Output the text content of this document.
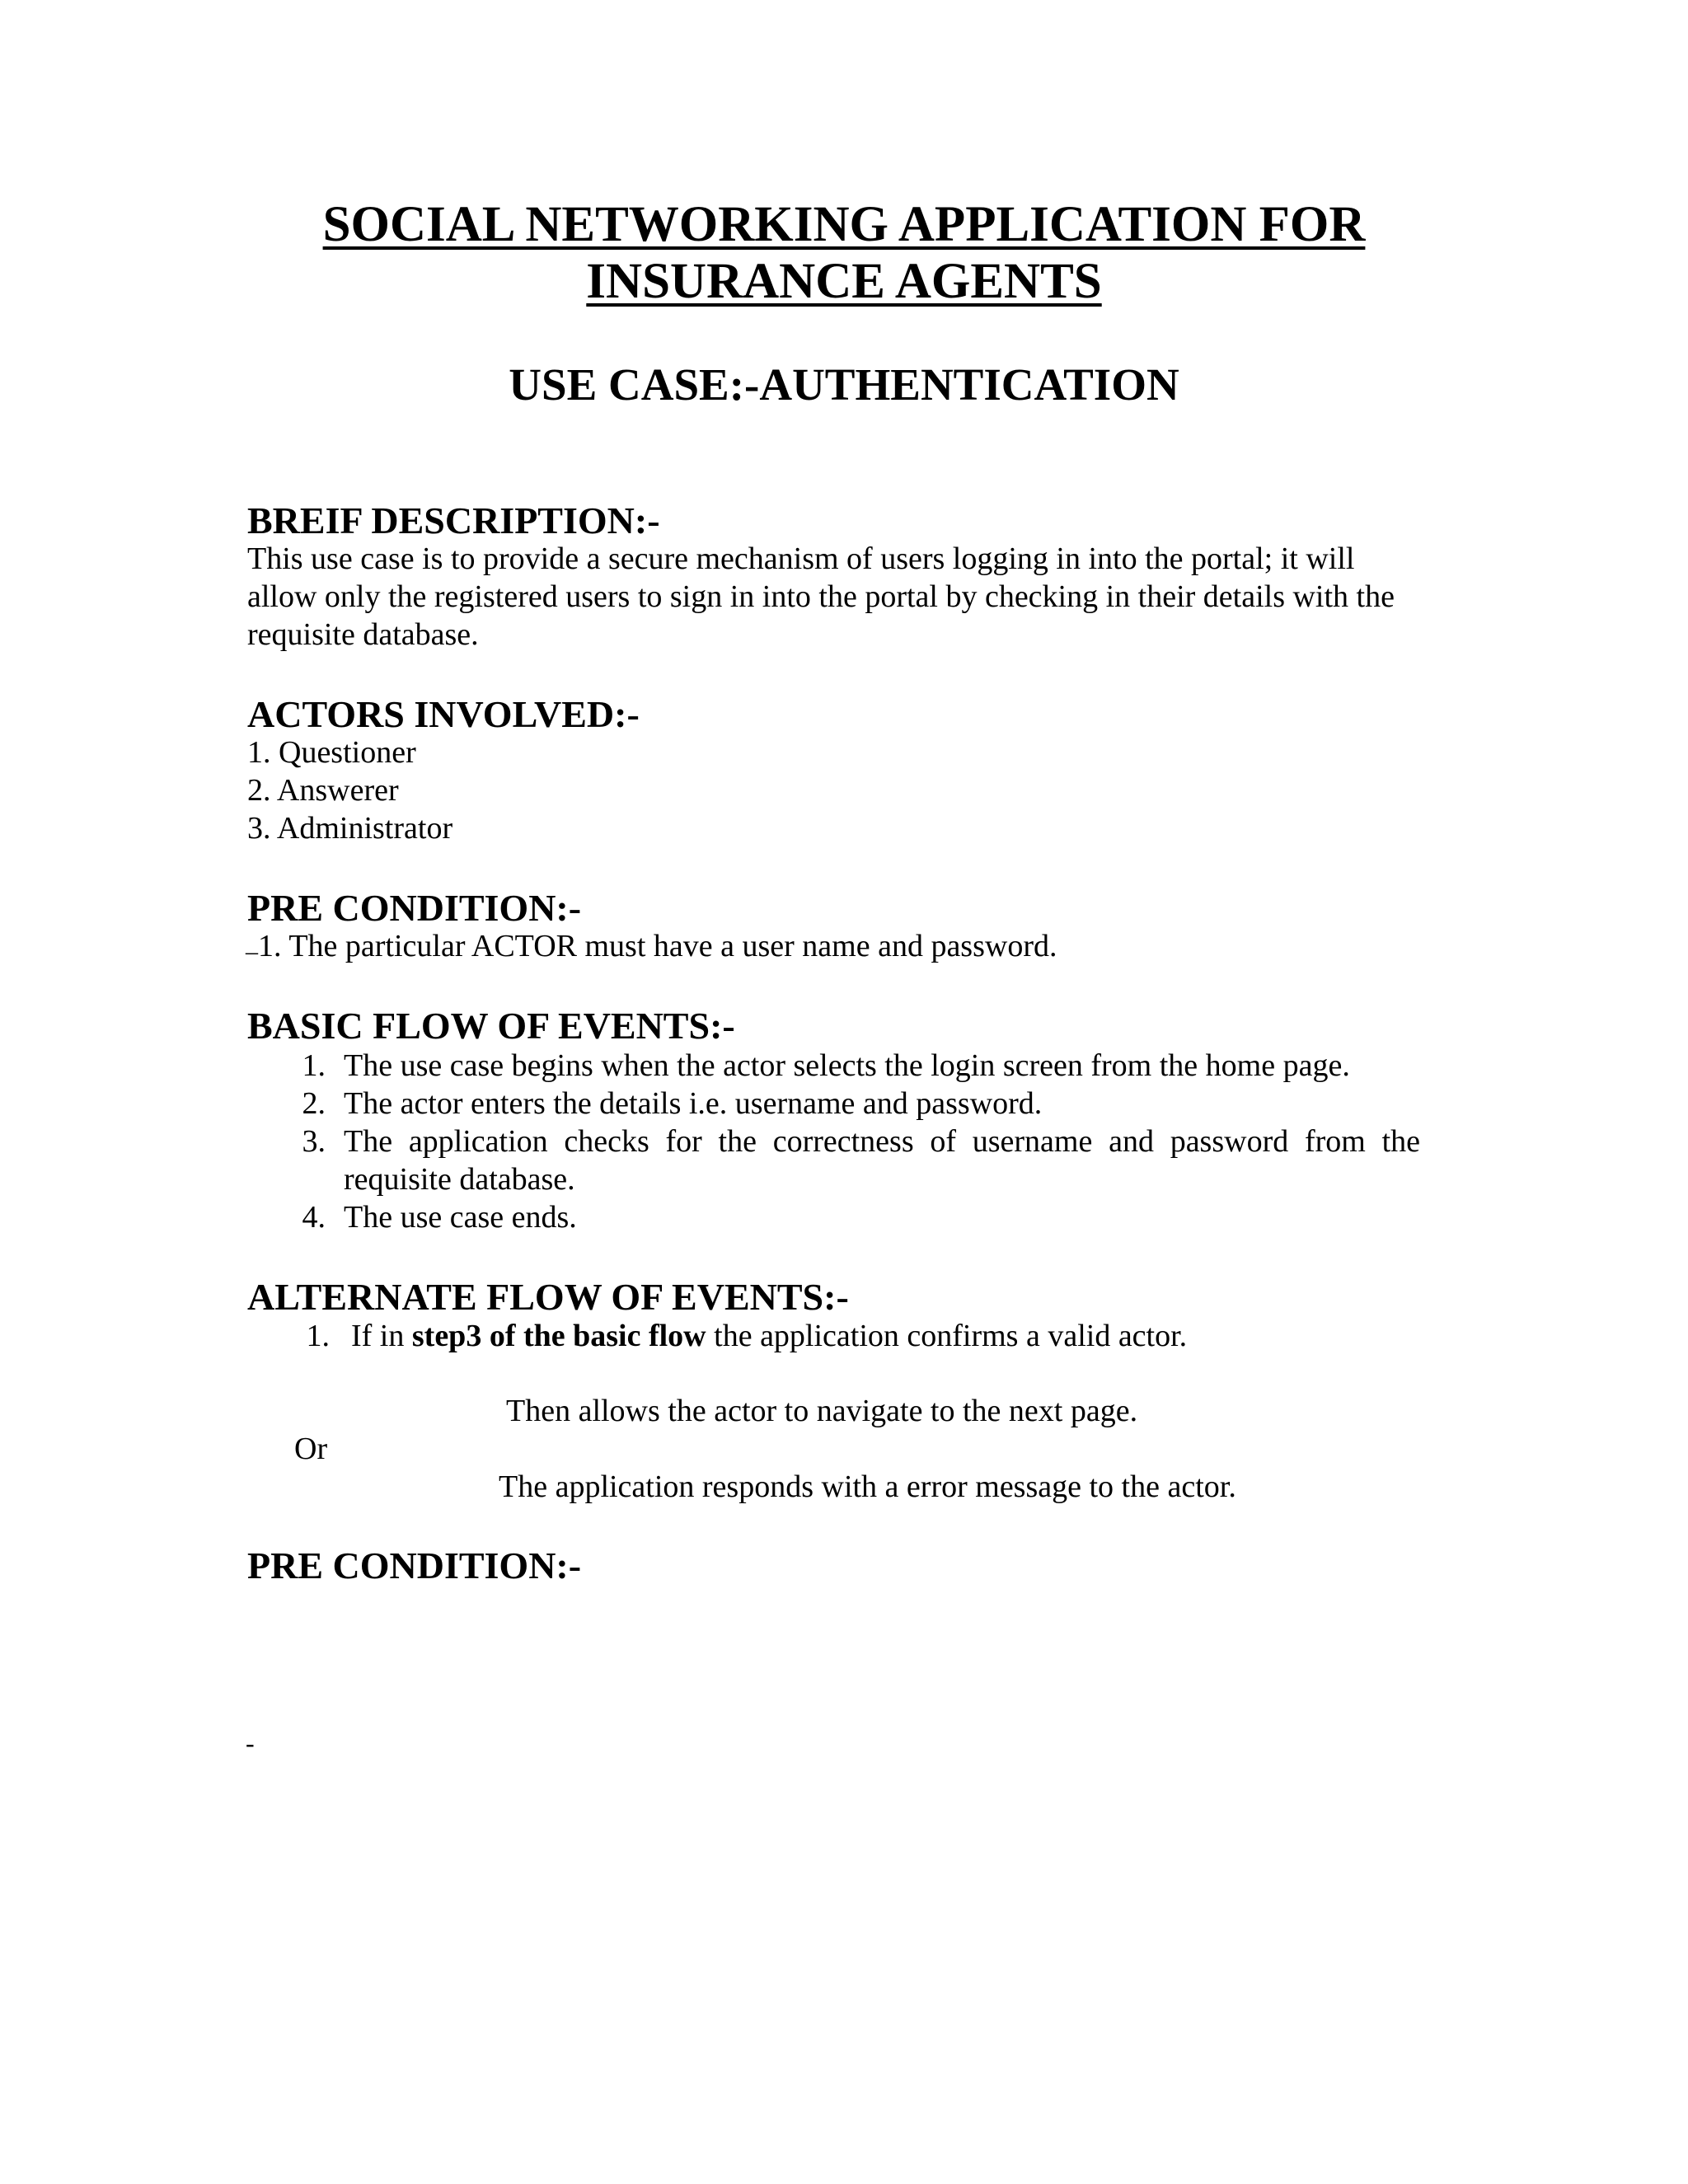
SOCIAL NETWORKING APPLICATION FOR
INSURANCE AGENTS
USE CASE:-AUTHENTICATION
BREIF DESCRIPTION:-
This use case is to provide a secure mechanism of users logging in into the portal; it will
allow only the registered users to sign in into the portal by checking in their details with the
requisite database.
ACTORS INVOLVED:-
1. Questioner
2. Answerer
3. Administrator
PRE CONDITION:-
_ 1. The particular ACTOR must have a user name and password.
BASIC FLOW OF EVENTS:-
1. The use case begins when the actor selects the login screen from the home page.
2. The actor enters the details i.e. username and password.
3. The application checks for the correctness of username and password from the
requisite database.
4. The use case ends.
ALTERNATE FLOW OF EVENTS:-
1. If in step3 of the basic flow the application confirms a valid actor.
Then allows the actor to navigate to the next page.
Or
The application responds with a error message to the actor.
PRE CONDITION:-
-
